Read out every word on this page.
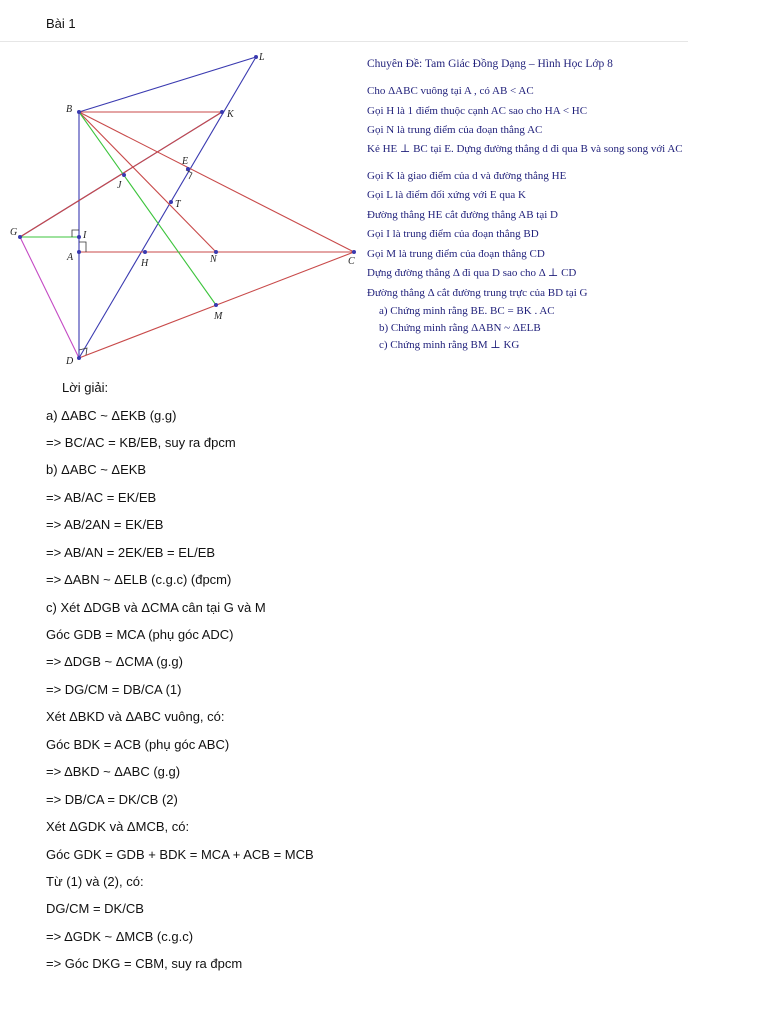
Bài 1
L
B	K
E
J
T
G	I
A
H	N	C
M
D
Chuyên Đề: Tam Giác Đồng Dạng – Hình Học Lớp 8
Cho ΔABC vuông tại A , có AB < AC
Gọi H là 1 điểm thuộc cạnh AC sao cho HA < HC
Gọi N là trung điểm của đoạn thẳng AC
Kẻ HE ⊥ BC tại E. Dựng đường thẳng d đi qua B và song song với AC
Gọi K là giao điểm của d và đường thẳng HE
Gọi L là điểm đối xứng với E qua K
Đường thẳng HE cắt đường thẳng AB tại D
Gọi I là trung điểm của đoạn thẳng BD
Gọi M là trung điểm của đoạn thẳng CD
Dựng đường thẳng Δ đi qua D sao cho Δ ⊥ CD
Đường thẳng Δ cắt đường trung trực của BD tại G
a) Chứng minh rằng BE. BC = BK . AC
b) Chứng minh rằng ΔABN ~ ΔELB
c) Chứng minh rằng BM ⊥ KG
Lời giải:
a) ΔABC ~ ΔEKB (g.g)
=> BC/AC = KB/EB, suy ra đpcm
b) ΔABC ~ ΔEKB
=> AB/AC = EK/EB
=> AB/2AN = EK/EB
=> AB/AN = 2EK/EB = EL/EB
=> ΔABN ~ ΔELB (c.g.c) (đpcm)
c) Xét ΔDGB và ΔCMA cân tại G và M
Góc GDB = MCA (phụ góc ADC)
=> ΔDGB ~ ΔCMA (g.g)
=> DG/CM = DB/CA (1)
Xét ΔBKD và ΔABC vuông, có:
Góc BDK = ACB (phụ góc ABC)
=> ΔBKD ~ ΔABC (g.g)
=> DB/CA = DK/CB (2)
Xét ΔGDK và ΔMCB, có:
Góc GDK = GDB + BDK = MCA + ACB = MCB
Từ (1) và (2), có:
DG/CM = DK/CB
=> ΔGDK ~ ΔMCB (c.g.c)
=> Góc DKG = CBM, suy ra đpcm
